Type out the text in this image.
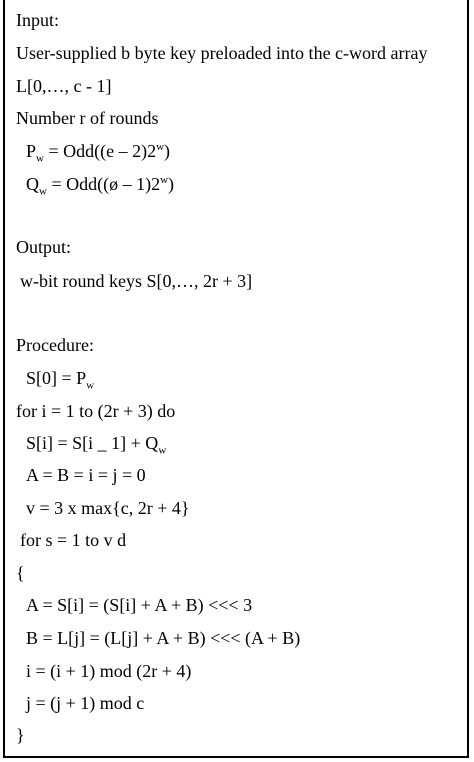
Input:
User-supplied b byte key preloaded into the c-word array
L[0,…, c - 1]
Number r of rounds
$P_w = Odd((e - 2)2^w)$
$Q_w$ = Odd((ø – 1)2$^w$)
Output:
w-bit round keys S[0,…, 2r + 3]
Procedure:
$S[0] = P_w$
for i = 1 to (2r + 3) do
S[i] = S[i _ $1] + Q_w$
A = B = i = j = 0
v = 3 x max{c, 2r + 4}
for s = 1 to v d
{
A = S[i] = (S[i] + A + B) <<< 3
B = L[j] = (L[j] + A + B) <<< (A + B)
i = (i + 1) mod (2r + 4)
j = (j + 1) mod c
}
